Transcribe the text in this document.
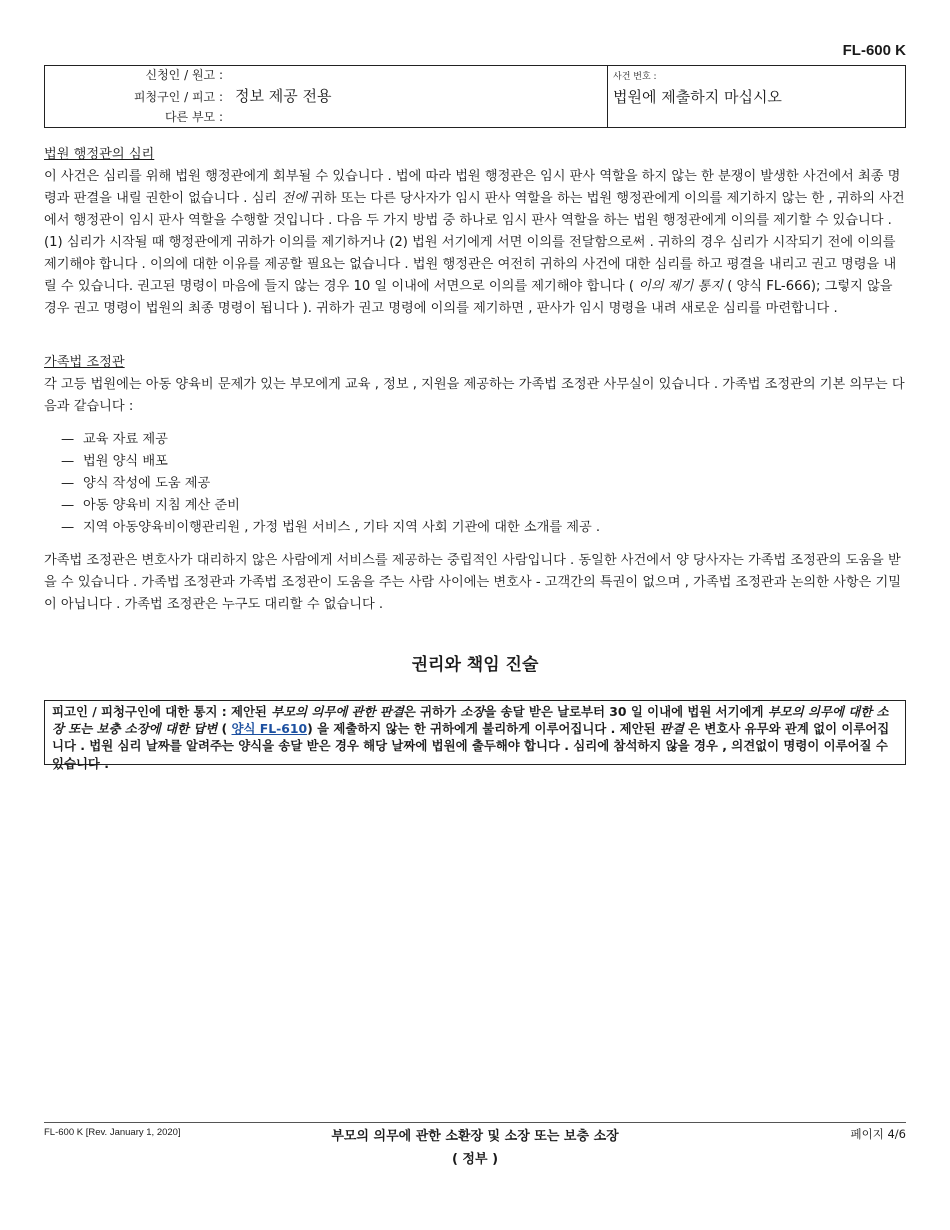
FL-600 K
신청인 / 원고 :
피청구인 / 피고 : 정보 제공 전용
다른 부모 :
사건 번호 :
법원에 제출하지 마십시오
법원 행정관의 심리

이 사건은 심리를 위해 법원 행정관에게 회부될 수 있습니다 . 법에 따라 법원 행정관은 임시 판사 역할을 하지 않는 한 분쟁이 발생한 사건에서 최종 명령과 판결을 내릴 권한이 없습니다 . 심리 전에 귀하 또는 다른 당사자가 임시 판사 역할을 하는 법원 행정관에게 이의를 제기하지 않는 한 , 귀하의 사건에서 행정관이 임시 판사 역할을 수행할 것입니다 . 다음 두 가지 방법 중 하나로 임시 판사 역할을 하는 법원 행정관에게 이의를 제기할 수 있습니다 . (1) 심리가 시작될 때 행정관에게 귀하가 이의를 제기하거나 (2) 법원 서기에게 서면 이의를 전달함으로써 . 귀하의 경우 심리가 시작되기 전에 이의를 제기해야 합니다 . 이의에 대한 이유를 제공할 필요는 없습니다 . 법원 행정관은 여전히 귀하의 사건에 대한 심리를 하고 평결을 내리고 권고 명령을 내릴 수 있습니다. 권고된 명령이 마음에 들지 않는 경우 10 일 이내에 서면으로 이의를 제기해야 합니다 ( 이의 제기 통지 ( 양식 FL-666); 그렇지 않을 경우 권고 명령이 법원의 최종 명령이 됩니다 ). 귀하가 권고 명령에 이의를 제기하면 , 판사가 임시 명령을 내려 새로운 심리를 마련합니다 .

가족법 조정관

각 고등 법원에는 아동 양육비 문제가 있는 부모에게 교육 , 정보 , 지원을 제공하는 가족법 조정관 사무실이 있습니다 . 가족법 조정관의 기본 의무는 다음과 같습니다 :

— 교육 자료 제공
— 법원 양식 배포
— 양식 작성에 도움 제공
— 아동 양육비 지침 계산 준비
— 지역 아동양육비이행관리원 , 가정 법원 서비스 , 기타 지역 사회 기관에 대한 소개를 제공 .

가족법 조정관은 변호사가 대리하지 않은 사람에게 서비스를 제공하는 중립적인 사람입니다 . 동일한 사건에서 양 당사자는 가족법 조정관의 도움을 받을 수 있습니다 . 가족법 조정관과 가족법 조정관이 도움을 주는 사람 사이에는 변호사 - 고객간의 특권이 없으며 , 가족법 조정관과 논의한 사항은 기밀이 아닙니다 . 가족법 조정관은 누구도 대리할 수 없습니다 .

권리와 책임 진술
피고인 / 피청구인에 대한 통지 : 제안된 부모의 의무에 관한 판결은 귀하가 소장을 송달 받은 날로부터 30 일 이내에 법원 서기에게 부모의 의무에 대한 소장 또는 보충 소장에 대한 답변 ( 양식 FL-610) 을 제출하지 않는 한 귀하에게 불리하게 이루어집니다 . 제안된 판결 은 변호사 유무와 관계 없이 이루어집니다 . 법원 심리 날짜를 알려주는 양식을 송달 받은 경우 해당 날짜에 법원에 출두해야 합니다 . 심리에 참석하지 않을 경우 , 의견없이 명령이 이루어질 수 있습니다 .
FL-600 K [Rev. January 1, 2020]	부모의 의무에 관한 소환장 및 소장 또는 보충 소장
( 정부 )
페이지 4/6
